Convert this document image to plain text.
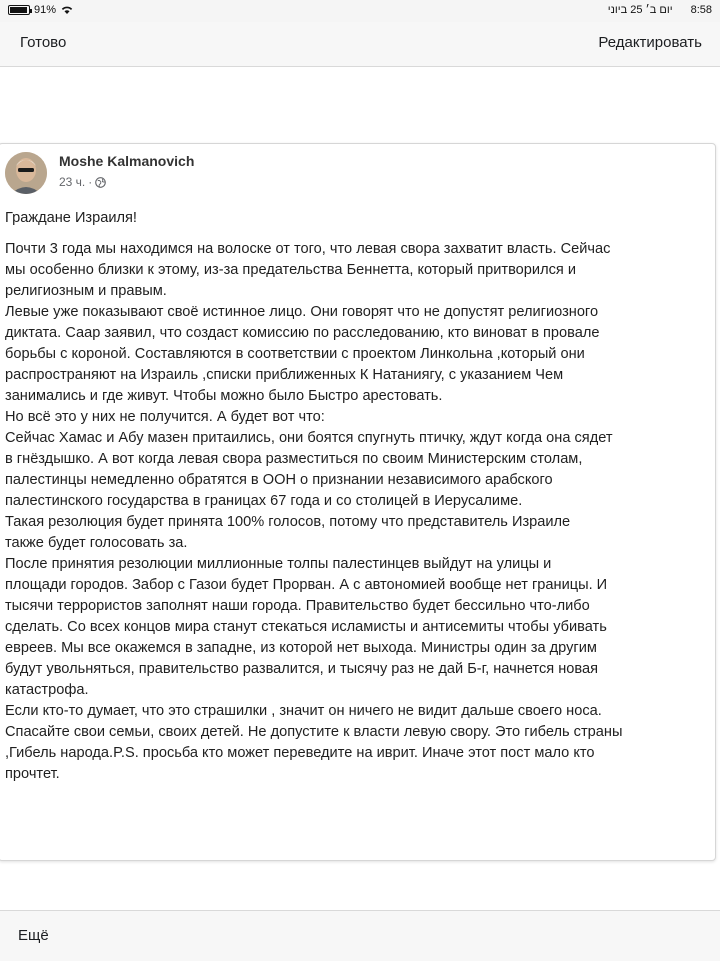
91%	יום ב׳ 25 ביוני 8:58
Готово	Редактировать
Moshe Kalmanovich
23 ч. ·
Граждане Израиля!
Почти 3 года мы находимся на волоске от того, что левая свора захватит власть. Сейчас
мы особенно близки к этому, из-за предательства Беннетта, который притворился и
религиозным и правым.
Левые уже показывают своё истинное лицо. Они говорят что не допустят религиозного
диктата. Саар заявил, что создаст комиссию по расследованию, кто виноват в провале
борьбы с короной. Составляются в соответствии с проектом Линкольна ,который они
распространяют на Израиль ,списки приближенных К Натаниягу, с указанием Чем
занимались и где живут. Чтобы можно было Быстро арестовать.
Но всё это у них не получится. А будет вот что:
Сейчас Хамас и Абу мазен притаились, они боятся спугнуть птичку, ждут когда она сядет
в гнёздышко. А вот когда левая свора разместиться по своим Министерским столам,
палестинцы немедленно обратятся в ООН о признании независимого арабского
палестинского государства в границах 67 года и со столицей в Иерусалиме.
Такая резолюция будет принята 100% голосов, потому что представитель Израиле
также будет голосовать за.
После принятия резолюции миллионные толпы палестинцев выйдут на улицы и
площади городов. Забор с Газои будет Прорван. А с автономией вообще нет границы. И
тысячи террористов заполнят наши города. Правительство будет бессильно что-либо
сделать. Со всех концов мира станут стекаться исламисты и антисемиты чтобы убивать
евреев. Мы все окажемся в западне, из которой нет выхода. Министры один за другим
будут увольняться, правительство развалится, и тысячу раз не дай Б-г, начнется новая
катастрофа.
Если кто-то думает, что это страшилки , значит он ничего не видит дальше своего носа.
Спасайте свои семьи, своих детей. Не допустите к власти левую свору. Это гибель страны
,Гибель народа.P.S. просьба кто может переведите на иврит. Иначе этот пост мало кто
прочтет.
Ещё
